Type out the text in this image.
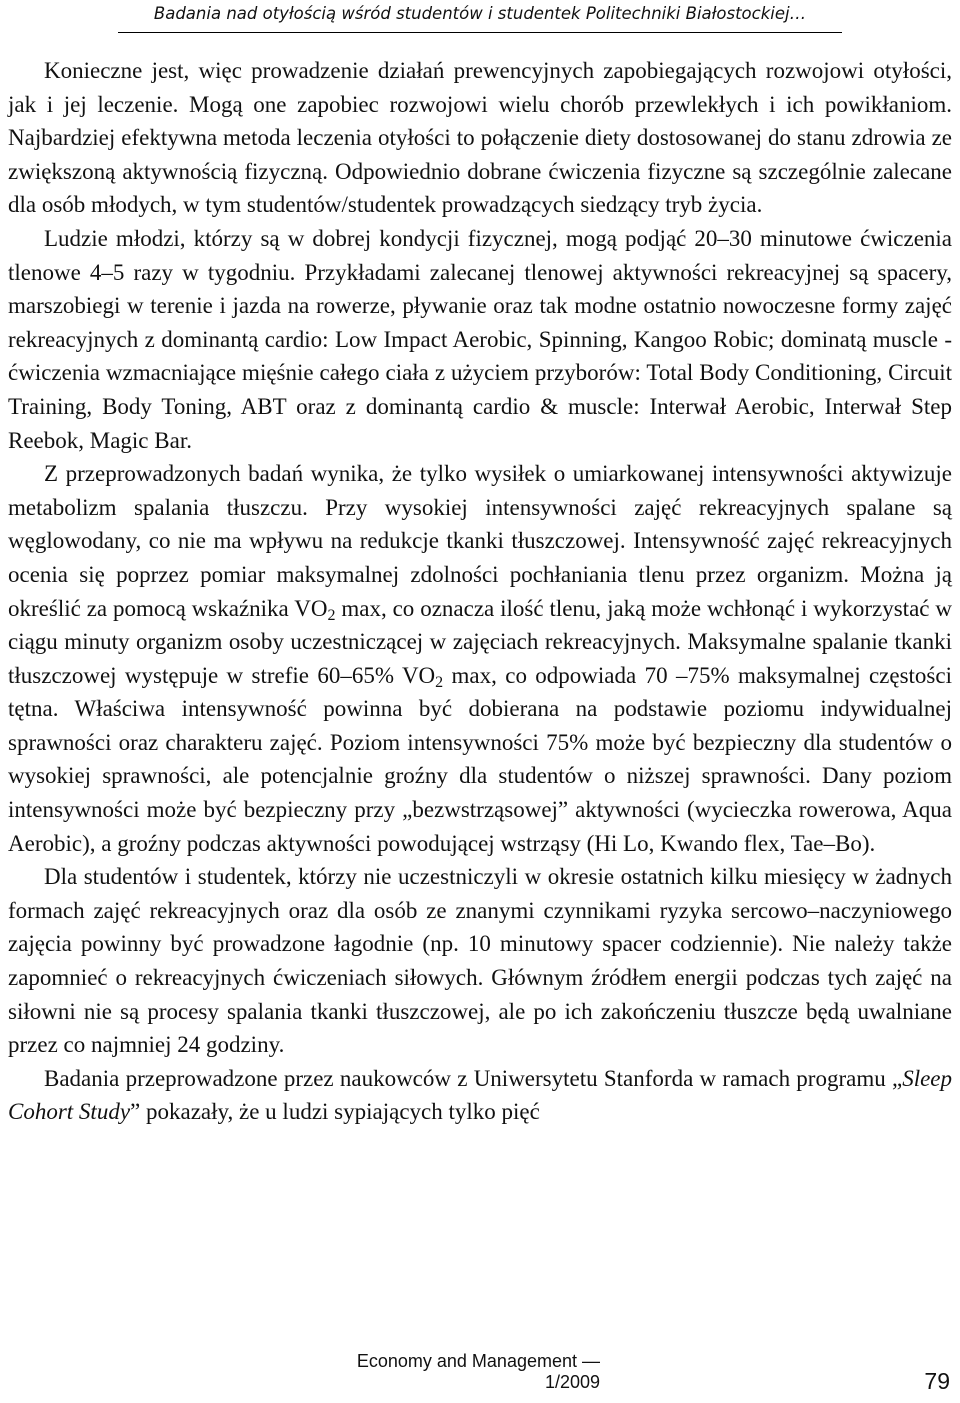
Badania nad otyłością wśród studentów i studentek Politechniki Białostockiej…

Konieczne jest, więc prowadzenie działań prewencyjnych zapobiegających rozwojowi otyłości, jak i jej leczenie. Mogą one zapobiec rozwojowi wielu chorób przewlekłych i ich powikłaniom. Najbardziej efektywna metoda leczenia otyłości to połączenie diety dostosowanej do stanu zdrowia ze zwiększoną aktywnością fizyczną. Odpowiednio dobrane ćwiczenia fizyczne są szczególnie zalecane dla osób młodych, w tym studentów/studentek prowadzących siedzący tryb życia.

Ludzie młodzi, którzy są w dobrej kondycji fizycznej, mogą podjąć 20–30 minutowe ćwiczenia tlenowe 4–5 razy w tygodniu. Przykładami zalecanej tlenowej aktywności rekreacyjnej są spacery, marszobiegi w terenie i jazda na rowerze, pływanie oraz tak modne ostatnio nowoczesne formy zajęć rekreacyjnych z dominantą cardio: Low Impact Aerobic, Spinning, Kangoo Robic; dominatą muscle - ćwiczenia wzmacniające mięśnie całego ciała z użyciem przyborów: Total Body Conditioning, Circuit Training, Body Toning, ABT oraz z dominantą cardio & muscle: Interwał Aerobic, Interwał Step Reebok, Magic Bar.

Z przeprowadzonych badań wynika, że tylko wysiłek o umiarkowanej intensywności aktywizuje metabolizm spalania tłuszczu. Przy wysokiej intensywności zajęć rekreacyjnych spalane są węglowodany, co nie ma wpływu na redukcje tkanki tłuszczowej. Intensywność zajęć rekreacyjnych ocenia się poprzez pomiar maksymalnej zdolności pochłaniania tlenu przez organizm. Można ją określić za pomocą wskaźnika $VO_2$ max, co oznacza ilość tlenu, jaką może wchłonąć i wykorzystać w ciągu minuty organizm osoby uczestniczącej w zajęciach rekreacyjnych. Maksymalne spalanie tkanki tłuszczowej występuje w strefie 60–65% $VO_2$ max, co odpowiada 70 –75% maksymalnej częstości tętna. Właściwa intensywność powinna być dobierana na podstawie poziomu indywidualnej sprawności oraz charakteru zajęć. Poziom intensywności 75% może być bezpieczny dla studentów o wysokiej sprawności, ale potencjalnie groźny dla studentów o niższej sprawności. Dany poziom intensywności może być bezpieczny przy „bezwstrząsowej” aktywności (wycieczka rowerowa, Aqua Aerobic), a groźny podczas aktywności powodującej wstrząsy (Hi Lo, Kwando flex, Tae–Bo).

Dla studentów i studentek, którzy nie uczestniczyli w okresie ostatnich kilku miesięcy w żadnych formach zajęć rekreacyjnych oraz dla osób ze znanymi czynnikami ryzyka sercowo–naczyniowego zajęcia powinny być prowadzone łagodnie (np. 10 minutowy spacer codziennie). Nie należy także zapomnieć o rekreacyjnych ćwiczeniach siłowych. Głównym źródłem energii podczas tych zajęć na siłowni nie są procesy spalania tkanki tłuszczowej, ale po ich zakończeniu tłuszcze będą uwalniane przez co najmniej 24 godziny.

Badania przeprowadzone przez naukowców z Uniwersytetu Stanforda w ramach programu „Sleep Cohort Study” pokazały, że u ludzi sypiających tylko pięć

Economy and Management — 1/2009	79
